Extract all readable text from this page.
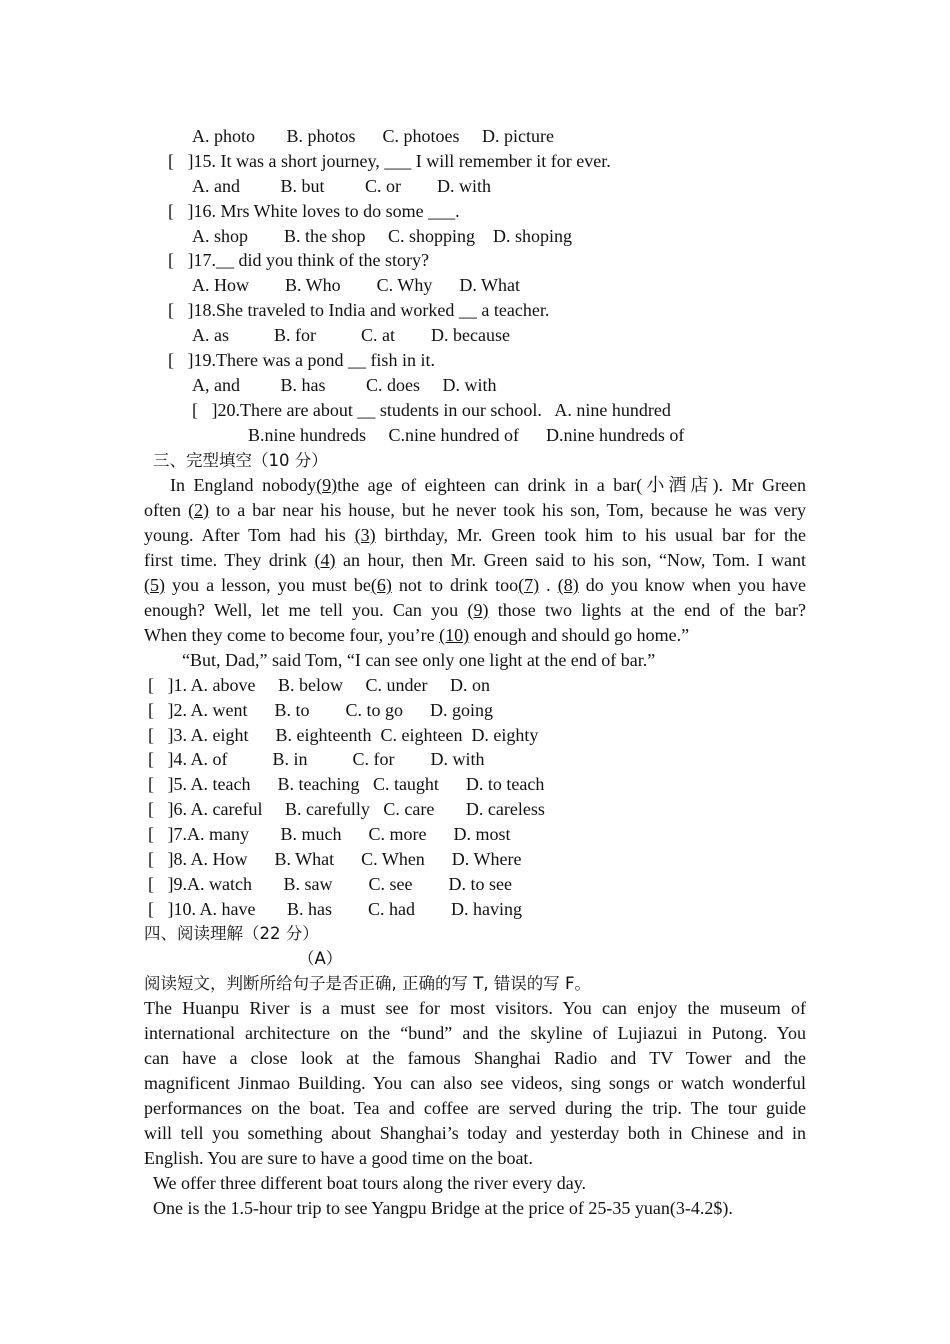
A. photo       B. photos      C. photoes     D. picture
[   ]15. It was a short journey, ___ I will remember it for ever.
A. and         B. but         C. or        D. with
[   ]16. Mrs White loves to do some ___.
A. shop        B. the shop     C. shopping    D. shoping
[   ]17.__ did you think of the story?
A. How        B. Who        C. Why      D. What
[   ]18.She traveled to India and worked __ a teacher.
A. as          B. for          C. at        D. because
[   ]19.There was a pond __ fish in it.
A, and         B. has         C. does     D. with
[   ]20.There are about __ students in our school.   A. nine hundred
B.nine hundreds     C.nine hundred of      D.nine hundreds of
三、完型填空（10 分）
In England nobody(9)the age of eighteen can drink in a bar(小酒店). Mr Green
often (2) to a bar near his house, but he never took his son, Tom, because he was very
young. After Tom had his (3) birthday, Mr. Green took him to his usual bar for the
first time. They drink (4) an hour, then Mr. Green said to his son, “Now, Tom. I want
(5) you a lesson, you must be(6) not to drink too(7) . (8) do you know when you have
enough? Well, let me tell you. Can you (9) those two lights at the end of the bar?
When they come to become four, you’re (10) enough and should go home.”
“But, Dad,” said Tom, “I can see only one light at the end of bar.”
[   ]1. A. above     B. below     C. under     D. on
[   ]2. A. went      B. to        C. to go      D. going
[   ]3. A. eight      B. eighteenth  C. eighteen  D. eighty
[   ]4. A. of          B. in          C. for        D. with
[   ]5. A. teach      B. teaching   C. taught      D. to teach
[   ]6. A. careful     B. carefully   C. care       D. careless
[   ]7.A. many       B. much      C. more      D. most
[   ]8. A. How      B. What      C. When      D. Where
[   ]9.A. watch       B. saw        C. see        D. to see
[   ]10. A. have       B. has        C. had        D. having
四、阅读理解（22 分）
（A）
阅读短文，判断所给句子是否正确, 正确的写 T, 错误的写 F。
The Huanpu River is a must see for most visitors. You can enjoy the museum of
international architecture on the “bund” and the skyline of Lujiazui in Putong. You
can have a close look at the famous Shanghai Radio and TV Tower and the
magnificent Jinmao Building. You can also see videos, sing songs or watch wonderful
performances on the boat. Tea and coffee are served during the trip. The tour guide
will tell you something about Shanghai’s today and yesterday both in Chinese and in
English. You are sure to have a good time on the boat.
We offer three different boat tours along the river every day.
One is the 1.5-hour trip to see Yangpu Bridge at the price of 25-35 yuan(3-4.2$).
